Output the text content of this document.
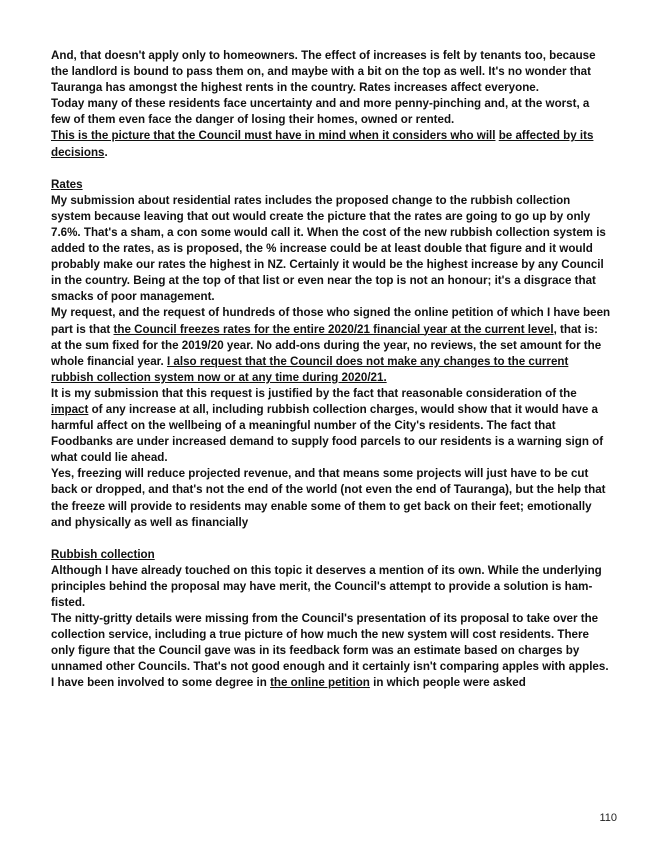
And, that doesn't apply only to homeowners. The effect of increases is felt by tenants too, because the landlord is bound to pass them on, and maybe with a bit on the top as well. It's no wonder that Tauranga has amongst the highest rents in the country. Rates increases affect everyone.

Today many of these residents face uncertainty and and more penny-pinching and, at the worst, a few of them even face the danger of losing their homes, owned or rented.

This is the picture that the Council must have in mind when it considers who will be affected by its decisions.

Rates

My submission about residential rates includes the proposed change to the rubbish collection system because leaving that out would create the picture that the rates are going to go up by only 7.6%. That's a sham, a con some would call it. When the cost of the new rubbish collection system is added to the rates, as is proposed, the % increase could be at least double that figure and it would probably make our rates the highest in NZ. Certainly it would be the highest increase by any Council in the country. Being at the top of that list or even near the top is not an honour; it's a disgrace that smacks of poor management.

My request, and the request of hundreds of those who signed the online petition of which I have been part is that the Council freezes rates for the entire 2020/21 financial year at the current level, that is: at the sum fixed for the 2019/20 year. No add-ons during the year, no reviews, the set amount for the whole financial year. I also request that the Council does not make any changes to the current rubbish collection system now or at any time during 2020/21.

It is my submission that this request is justified by the fact that reasonable consideration of the impact of any increase at all, including rubbish collection charges, would show that it would have a harmful affect on the wellbeing of a meaningful number of the City's residents. The fact that Foodbanks are under increased demand to supply food parcels to our residents is a warning sign of what could lie ahead.

Yes, freezing will reduce projected revenue, and that means some projects will just have to be cut back or dropped, and that's not the end of the world (not even the end of Tauranga), but the help that the freeze will provide to residents may enable some of them to get back on their feet; emotionally and physically as well as financially

Rubbish collection

Although I have already touched on this topic it deserves a mention of its own. While the underlying principles behind the proposal may have merit, the Council's attempt to provide a solution is ham-fisted.

The nitty-gritty details were missing from the Council's presentation of its proposal to take over the collection service, including a true picture of how much the new system will cost residents. There only figure that the Council gave was in its feedback form was an estimate based on charges by unnamed other Councils. That's not good enough and it certainly isn't comparing apples with apples.

I have been involved to some degree in the online petition in which people were asked

110
